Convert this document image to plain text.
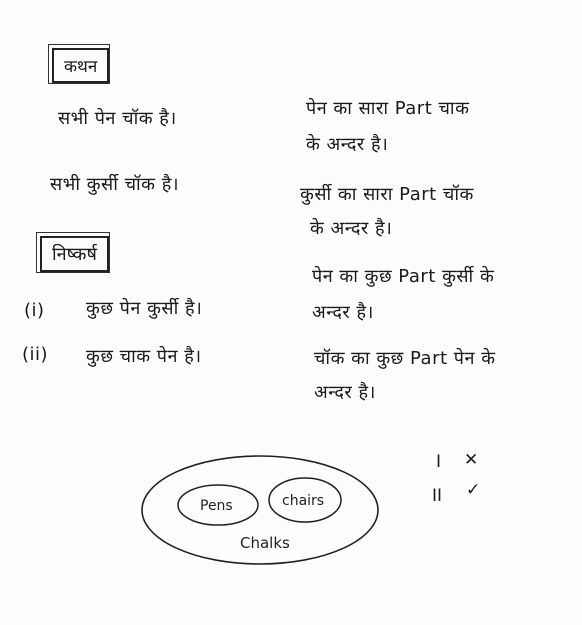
कथन
सभी पेन चॉक है।
सभी कुर्सी चॉक है।
पेन का सारा Part चाक
के अन्दर है।
कुर्सी का सारा Part चॉक
के अन्दर है।
निष्कर्ष
(i) कुछ पेन कुर्सी है।
(ii) कुछ चाक पेन है।
पेन का कुछ Part कुर्सी के
अन्दर है।
चॉक का कुछ Part पेन के
अन्दर है।
I ✕
II ✓
Pens	chairs
Chalks
